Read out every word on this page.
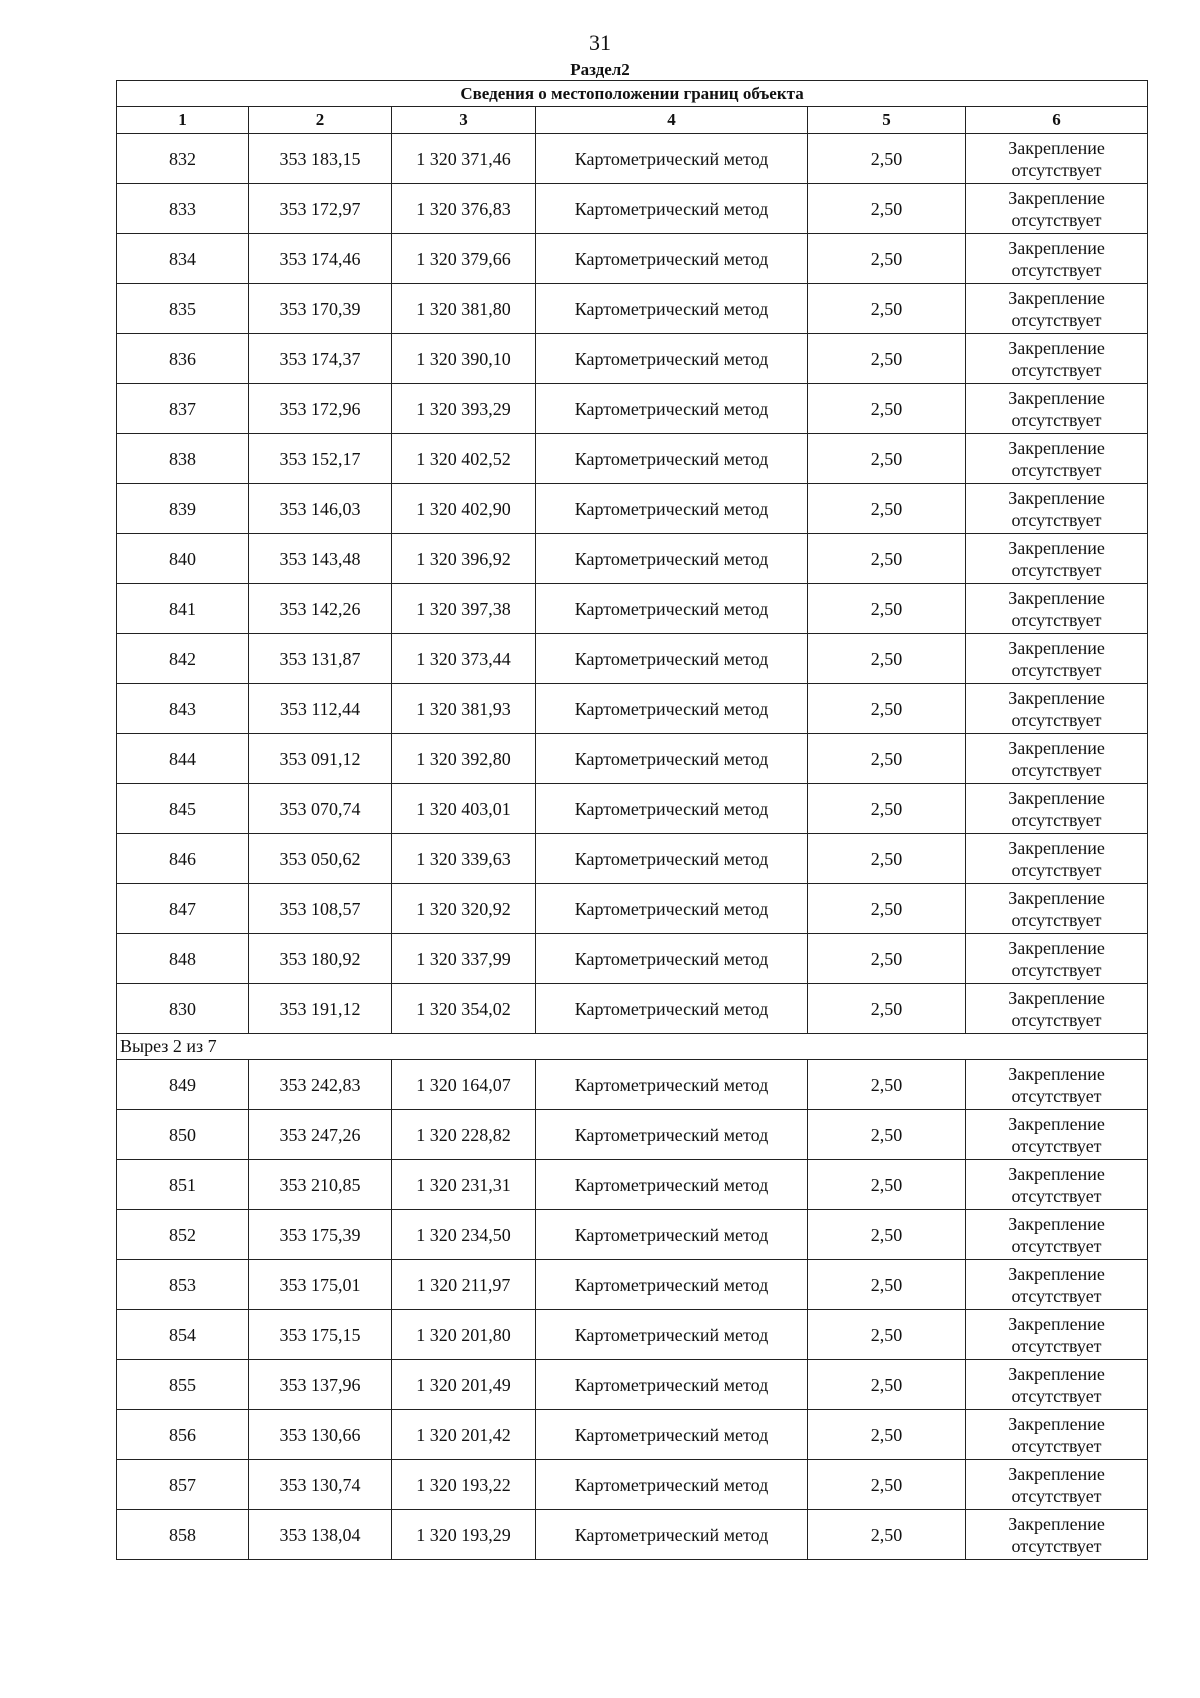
31
Раздел2
Сведения о местоположении границ объекта					
1	2	3	4	5	6
832	353 183,15	1 320 371,46	Картометрический метод	2,50	Закрепление
отсутствует

833	353 172,97	1 320 376,83	Картометрический метод	2,50	Закрепление
отсутствует

834	353 174,46	1 320 379,66	Картометрический метод	2,50	Закрепление
отсутствует

835	353 170,39	1 320 381,80	Картометрический метод	2,50	Закрепление
отсутствует

836	353 174,37	1 320 390,10	Картометрический метод	2,50	Закрепление
отсутствует

837	353 172,96	1 320 393,29	Картометрический метод	2,50	Закрепление
отсутствует

838	353 152,17	1 320 402,52	Картометрический метод	2,50	Закрепление
отсутствует

839	353 146,03	1 320 402,90	Картометрический метод	2,50	Закрепление
отсутствует

840	353 143,48	1 320 396,92	Картометрический метод	2,50	Закрепление
отсутствует

841	353 142,26	1 320 397,38	Картометрический метод	2,50	Закрепление
отсутствует

842	353 131,87	1 320 373,44	Картометрический метод	2,50	Закрепление
отсутствует

843	353 112,44	1 320 381,93	Картометрический метод	2,50	Закрепление
отсутствует

844	353 091,12	1 320 392,80	Картометрический метод	2,50	Закрепление
отсутствует

845	353 070,74	1 320 403,01	Картометрический метод	2,50	Закрепление
отсутствует

846	353 050,62	1 320 339,63	Картометрический метод	2,50	Закрепление
отсутствует

847	353 108,57	1 320 320,92	Картометрический метод	2,50	Закрепление
отсутствует

848	353 180,92	1 320 337,99	Картометрический метод	2,50	Закрепление
отсутствует

830	353 191,12	1 320 354,02	Картометрический метод	2,50	Закрепление
отсутствует

Вырез 2 из 7					
849	353 242,83	1 320 164,07	Картометрический метод	2,50	Закрепление
отсутствует

850	353 247,26	1 320 228,82	Картометрический метод	2,50	Закрепление
отсутствует

851	353 210,85	1 320 231,31	Картометрический метод	2,50	Закрепление
отсутствует

852	353 175,39	1 320 234,50	Картометрический метод	2,50	Закрепление
отсутствует

853	353 175,01	1 320 211,97	Картометрический метод	2,50	Закрепление
отсутствует

854	353 175,15	1 320 201,80	Картометрический метод	2,50	Закрепление
отсутствует

855	353 137,96	1 320 201,49	Картометрический метод	2,50	Закрепление
отсутствует

856	353 130,66	1 320 201,42	Картометрический метод	2,50	Закрепление
отсутствует

857	353 130,74	1 320 193,22	Картометрический метод	2,50	Закрепление
отсутствует

858	353 138,04	1 320 193,29	Картометрический метод	2,50	Закрепление
отсутствует
